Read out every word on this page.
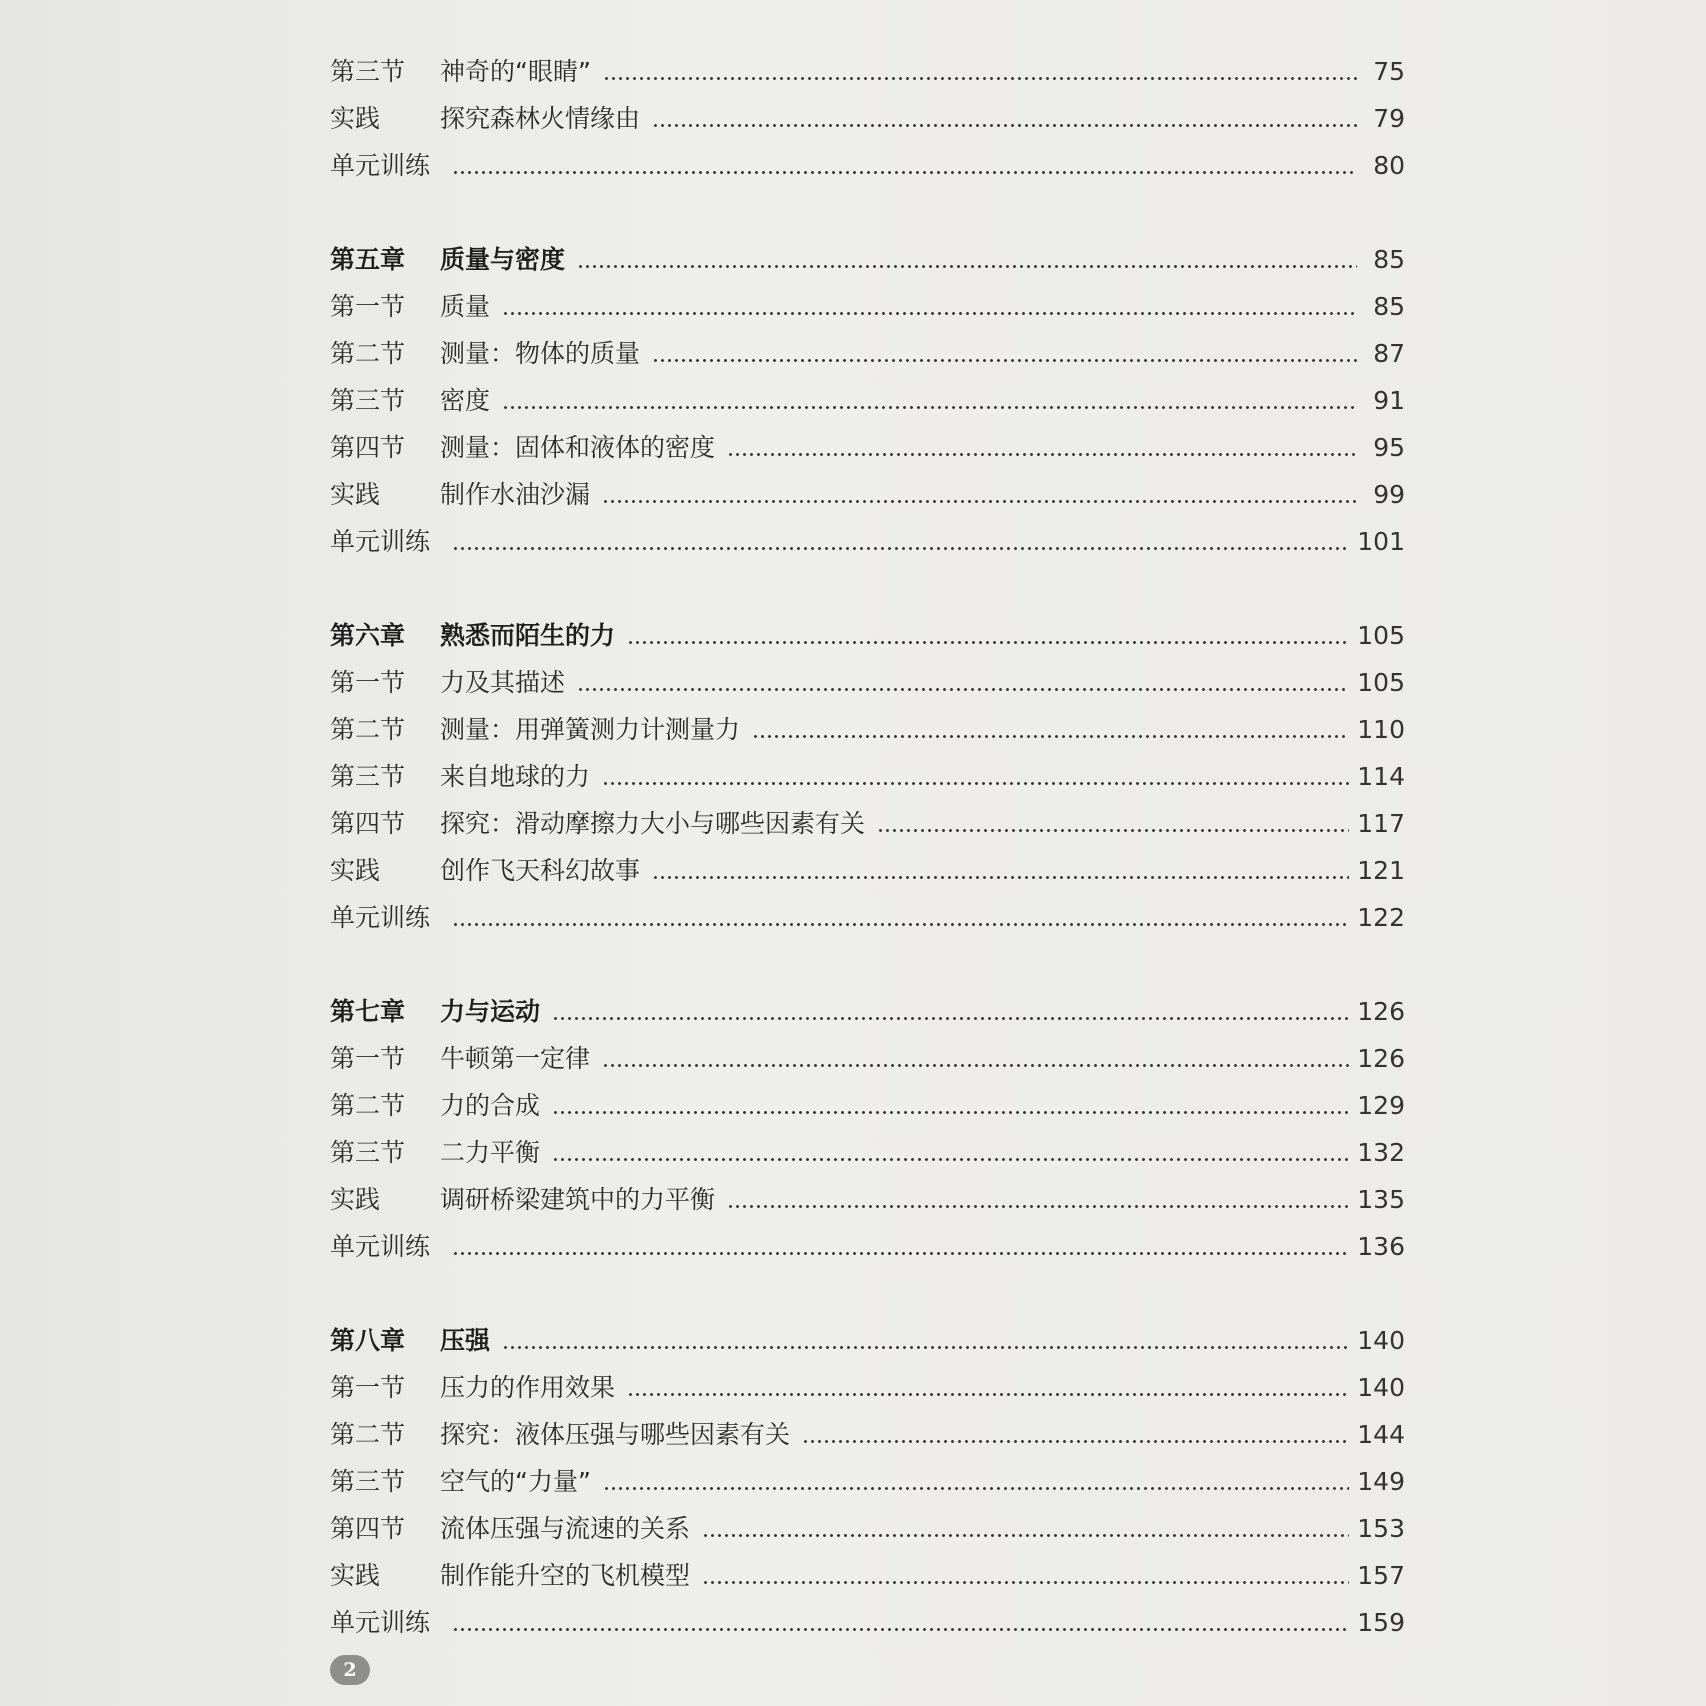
第三节	神奇的“眼睛”	75
实践	探究森林火情缘由	79
单元训练	80
第五章	质量与密度	85
第一节	质量	85
第二节	测量：物体的质量	87
第三节	密度	91
第四节	测量：固体和液体的密度	95
实践	制作水油沙漏	99
单元训练	101
第六章	熟悉而陌生的力	105
第一节	力及其描述	105
第二节	测量：用弹簧测力计测量力	110
第三节	来自地球的力	114
第四节	探究：滑动摩擦力大小与哪些因素有关	117
实践	创作飞天科幻故事	121
单元训练	122
第七章	力与运动	126
第一节	牛顿第一定律	126
第二节	力的合成	129
第三节	二力平衡	132
实践	调研桥梁建筑中的力平衡	135
单元训练	136
第八章	压强	140
第一节	压力的作用效果	140
第二节	探究：液体压强与哪些因素有关	144
第三节	空气的“力量”	149
第四节	流体压强与流速的关系	153
实践	制作能升空的飞机模型	157
单元训练	159
2
